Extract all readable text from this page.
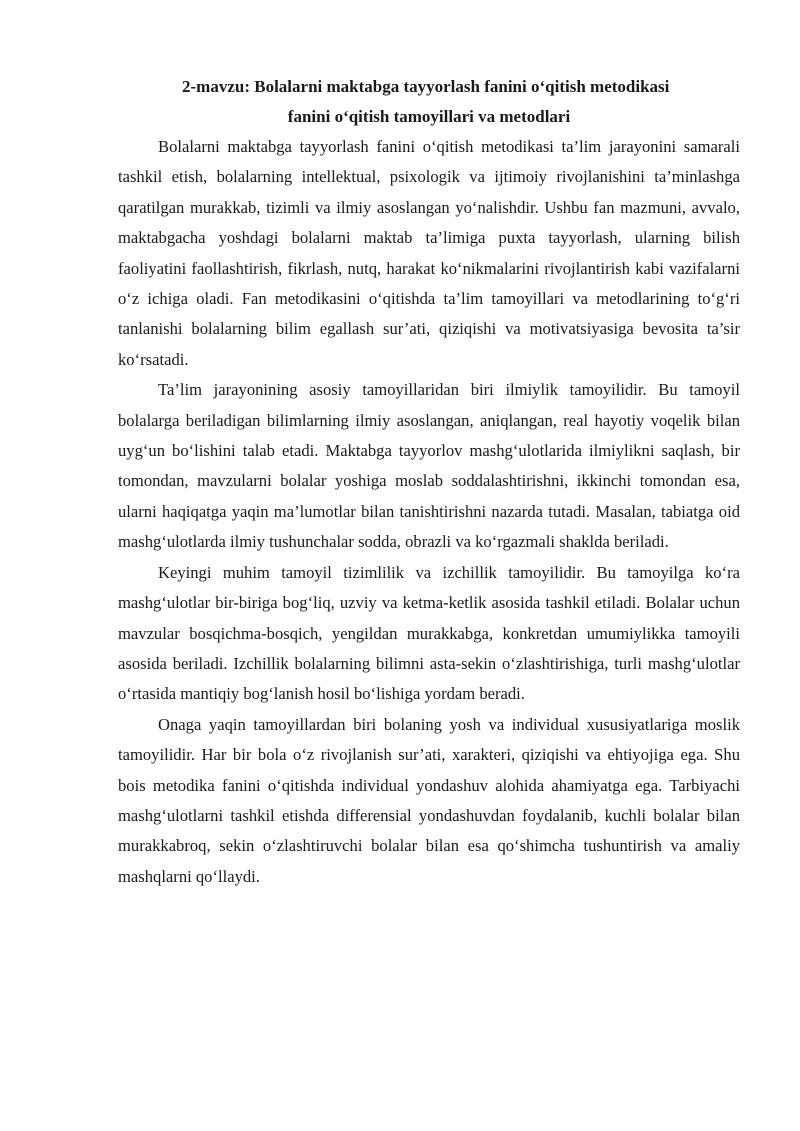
2-mavzu: Bolalarni maktabga tayyorlash fanini o‘qitish metodikasi
fanini o‘qitish tamoyillari va metodlari

Bolalarni maktabga tayyorlash fanini o‘qitish metodikasi ta’lim jarayonini samarali tashkil etish, bolalarning intellektual, psixologik va ijtimoiy rivojlanishini ta’minlashga qaratilgan murakkab, tizimli va ilmiy asoslangan yo‘nalishdir. Ushbu fan mazmuni, avvalo, maktabgacha yoshdagi bolalarni maktab ta’limiga puxta tayyorlash, ularning bilish faoliyatini faollashtirish, fikrlash, nutq, harakat ko‘nikmalarini rivojlantirish kabi vazifalarni o‘z ichiga oladi. Fan metodikasini o‘qitishda ta’lim tamoyillari va metodlarining to‘g‘ri tanlanishi bolalarning bilim egallash sur’ati, qiziqishi va motivatsiyasiga bevosita ta’sir ko‘rsatadi.

Ta’lim jarayonining asosiy tamoyillaridan biri ilmiylik tamoyilidir. Bu tamoyil bolalarga beriladigan bilimlarning ilmiy asoslangan, aniqlangan, real hayotiy voqelik bilan uyg‘un bo‘lishini talab etadi. Maktabga tayyorlov mashg‘ulotlarida ilmiylikni saqlash, bir tomondan, mavzularni bolalar yoshiga moslab soddalashtirishni, ikkinchi tomondan esa, ularni haqiqatga yaqin ma’lumotlar bilan tanishtirishni nazarda tutadi. Masalan, tabiatga oid mashg‘ulotlarda ilmiy tushunchalar sodda, obrazli va ko‘rgazmali shaklda beriladi.

Keyingi muhim tamoyil tizimlilik va izchillik tamoyilidir. Bu tamoyilga ko‘ra mashg‘ulotlar bir-biriga bog‘liq, uzviy va ketma-ketlik asosida tashkil etiladi. Bolalar uchun mavzular bosqichma-bosqich, yengildan murakkabga, konkretdan umumiylikka tamoyili asosida beriladi. Izchillik bolalarning bilimni asta-sekin o‘zlashtirishiga, turli mashg‘ulotlar o‘rtasida mantiqiy bog‘lanish hosil bo‘lishiga yordam beradi.

Onaga yaqin tamoyillardan biri bolaning yosh va individual xususiyatlariga moslik tamoyilidir. Har bir bola o‘z rivojlanish sur’ati, xarakteri, qiziqishi va ehtiyojiga ega. Shu bois metodika fanini o‘qitishda individual yondashuv alohida ahamiyatga ega. Tarbiyachi mashg‘ulotlarni tashkil etishda differensial yondashuvdan foydalanib, kuchli bolalar bilan murakkabroq, sekin o‘zlashtiruvchi bolalar bilan esa qo‘shimcha tushuntirish va amaliy mashqlarni qo‘llaydi.
